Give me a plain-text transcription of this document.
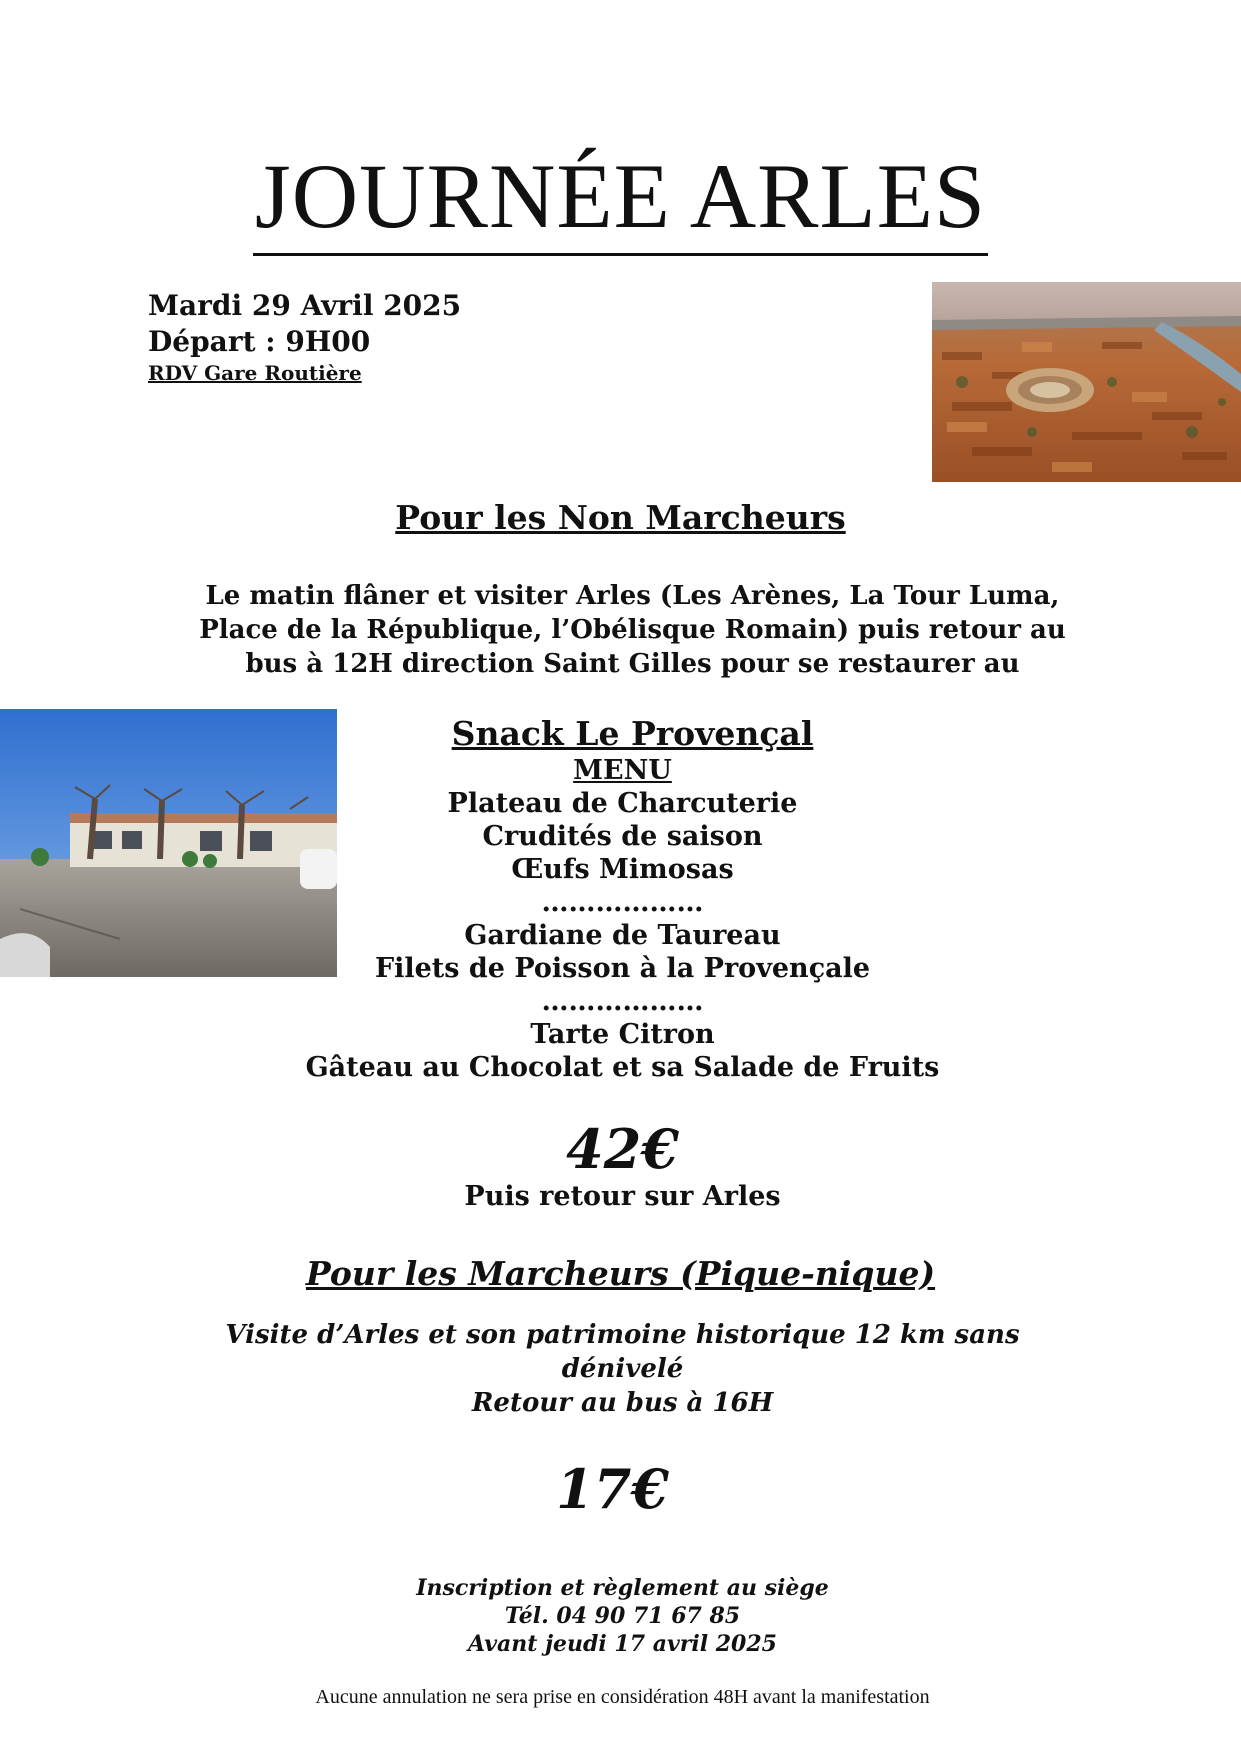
JOURNÉE ARLES
Mardi 29 Avril 2025
Départ : 9H00
RDV Gare Routière
Pour les Non Marcheurs
Le matin flâner et visiter Arles (Les Arènes, La Tour Luma,
Place de la République, l’Obélisque Romain) puis retour au
bus à 12H direction Saint Gilles pour se restaurer au
Snack Le Provençal
MENU
Plateau de Charcuterie
Crudités de saison
Œufs Mimosas
………………
Gardiane de Taureau
Filets de Poisson à la Provençale
………………
Tarte Citron
Gâteau au Chocolat et sa Salade de Fruits
42€
Puis retour sur Arles
Pour les Marcheurs (Pique-nique)
Visite d’Arles et son patrimoine historique 12 km sans
dénivelé
Retour au bus à 16H
17€
Inscription et règlement au siège
Tél. 04 90 71 67 85
Avant jeudi 17 avril 2025
Aucune annulation ne sera prise en considération 48H avant la manifestation
